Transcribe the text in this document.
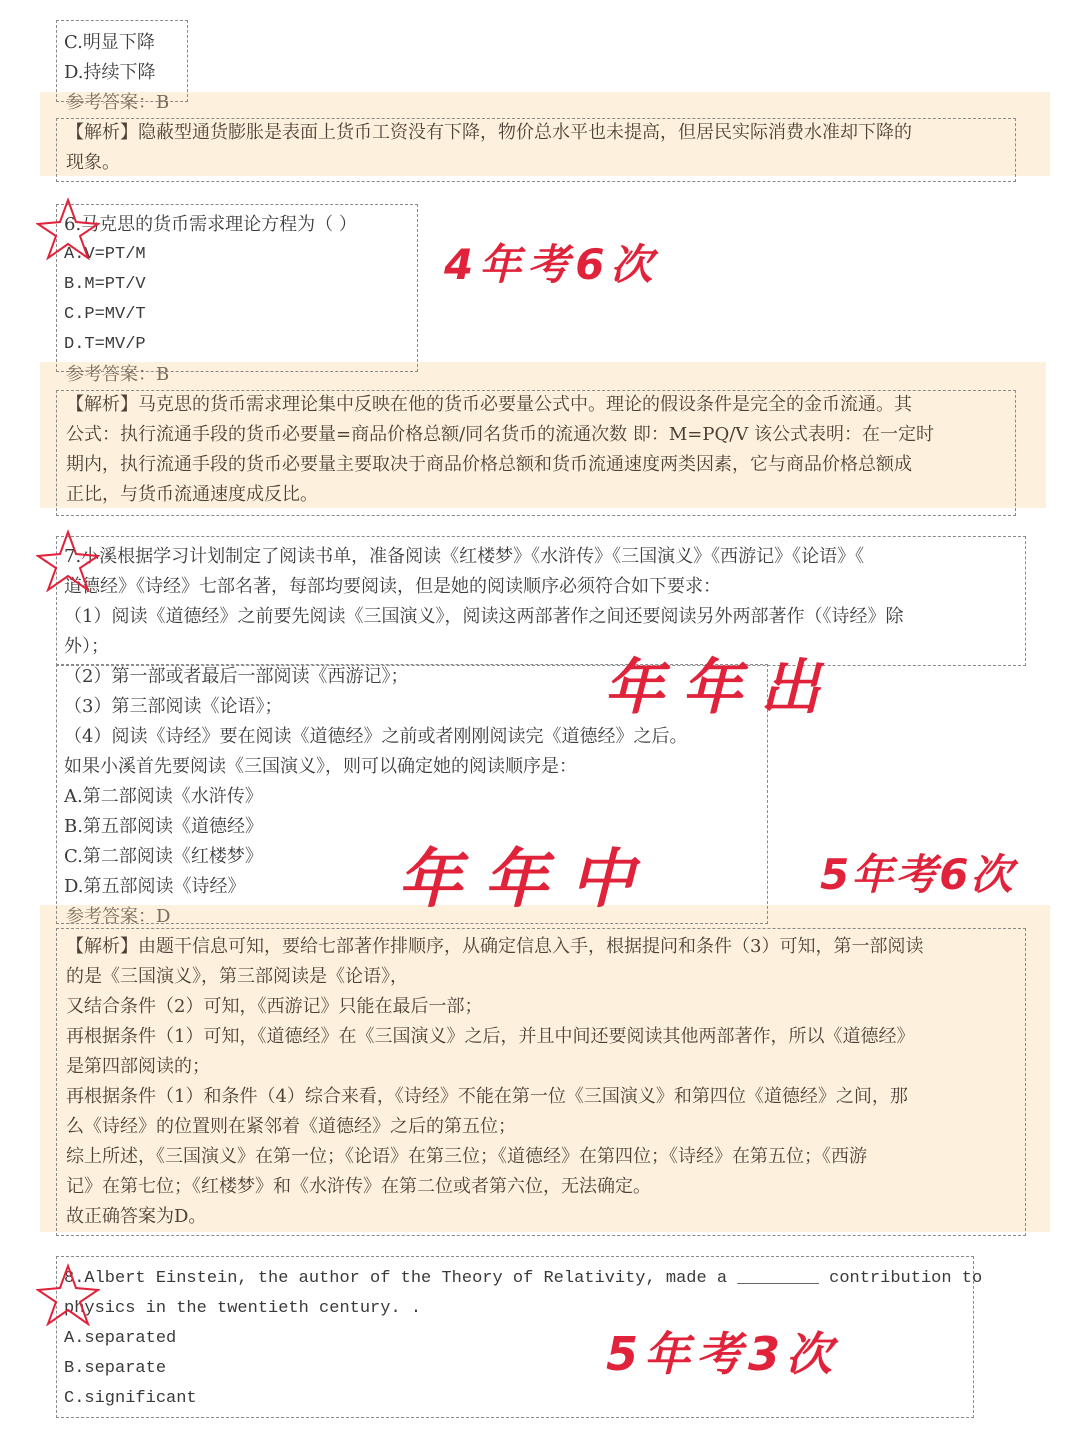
C.明显下降
D.持续下降
参考答案：B
【解析】隐蔽型通货膨胀是表面上货币工资没有下降，物价总水平也未提高，但居民实际消费水准却下降的
现象。
6.马克思的货币需求理论方程为（ ）
A.V=PT/M
B.M=PT/V
C.P=MV/T
D.T=MV/P
参考答案：B
【解析】马克思的货币需求理论集中反映在他的货币必要量公式中。理论的假设条件是完全的金币流通。其
公式：执行流通手段的货币必要量=商品价格总额/同名货币的流通次数 即：M=PQ/V 该公式表明：在一定时
期内，执行流通手段的货币必要量主要取决于商品价格总额和货币流通速度两类因素，它与商品价格总额成
正比，与货币流通速度成反比。
7.小溪根据学习计划制定了阅读书单，准备阅读《红楼梦》《水浒传》《三国演义》《西游记》《论语》《
道德经》《诗经》七部名著，每部均要阅读，但是她的阅读顺序必须符合如下要求：
（1）阅读《道德经》之前要先阅读《三国演义》，阅读这两部著作之间还要阅读另外两部著作（《诗经》除
外）；
（2）第一部或者最后一部阅读《西游记》；
（3）第三部阅读《论语》；
（4）阅读《诗经》要在阅读《道德经》之前或者刚刚阅读完《道德经》之后。
如果小溪首先要阅读《三国演义》，则可以确定她的阅读顺序是：
A.第二部阅读《水浒传》
B.第五部阅读《道德经》
C.第二部阅读《红楼梦》
D.第五部阅读《诗经》
参考答案：D
【解析】由题干信息可知，要给七部著作排顺序，从确定信息入手，根据提问和条件（3）可知，第一部阅读
的是《三国演义》，第三部阅读是《论语》，
又结合条件（2）可知，《西游记》只能在最后一部；
再根据条件（1）可知，《道德经》在《三国演义》之后，并且中间还要阅读其他两部著作，所以《道德经》
是第四部阅读的；
再根据条件（1）和条件（4）综合来看，《诗经》不能在第一位《三国演义》和第四位《道德经》之间，那
么《诗经》的位置则在紧邻着《道德经》之后的第五位；
综上所述，《三国演义》在第一位；《论语》在第三位；《道德经》在第四位；《诗经》在第五位；《西游
记》在第七位；《红楼梦》和《水浒传》在第二位或者第六位，无法确定。
故正确答案为D。
8.Albert Einstein, the author of the Theory of Relativity, made a ________ contribution to
physics in the twentieth century. .
A.separated
B.separate
C.significant
4年考6次
年年出
年年中	5年考6次
5年考3次
